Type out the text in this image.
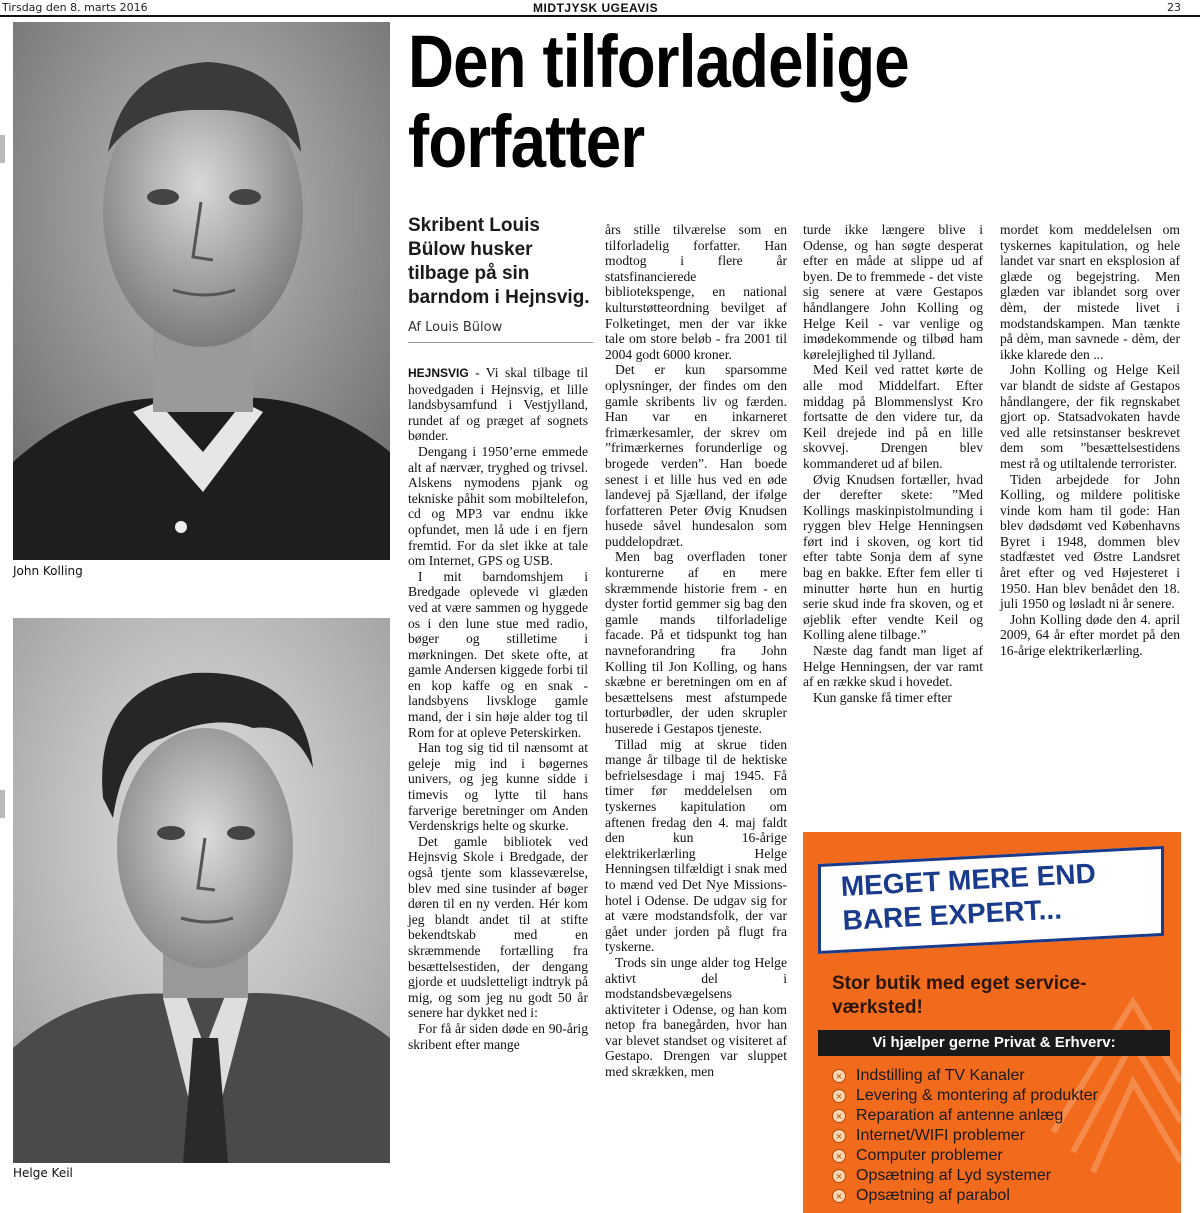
Tirsdag den 8. marts 2016	MIDTJYSK UGEAVIS	23
John Kolling
Helge Keil
Den tilforladelige forfatter
Skribent Louis Bülow husker tilbage på sin barndom i Hejnsvig.
Af Louis Bülow

HEJNSVIG - Vi skal tilbage til hovedgaden i Hejnsvig, et lille landsbysamfund i Vestjylland, rundet af og præget af sognets bønder.

Dengang i 1950’erne emmede alt af nærvær, tryghed og trivsel. Alskens nymodens pjank og tekniske påhit som mobiltelefon, cd og MP3 var endnu ikke opfundet, men lå ude i en fjern fremtid. For da slet ikke at tale om Internet, GPS og USB.

I mit barndomshjem i Bredgade oplevede vi glæden ved at være sammen og hyggede os i den lune stue med radio, bøger og stilletime i mørkningen. Det skete ofte, at gamle Andersen kiggede forbi til en kop kaffe og en snak - landsbyens livskloge gamle mand, der i sin høje alder tog til Rom for at opleve Peterskirken.

Han tog sig tid til nænsomt at geleje mig ind i bøgernes univers, og jeg kunne sidde i timevis og lytte til hans farverige beretninger om Anden Verdenskrigs helte og skurke.

Det gamle bibliotek ved Hejnsvig Skole i Bredgade, der også tjente som klasseværelse, blev med sine tusinder af bøger døren til en ny verden. Hér kom jeg blandt andet til at stifte bekendtskab med en skræmmende fortælling fra besættelsestiden, der dengang gjorde et uudsletteligt indtryk på mig, og som jeg nu godt 50 år senere har dykket ned i:

For få år siden døde en 90-årig skribent efter mange

års stille tilværelse som en tilforladelig forfatter. Han modtog i flere år statsfinancierede bibliotekspenge, en national kulturstøtteordning bevilget af Folketinget, men der var ikke tale om store beløb - fra 2001 til 2004 godt 6000 kroner.

Det er kun sparsomme oplysninger, der findes om den gamle skribents liv og færden. Han var en inkarneret frimærkesamler, der skrev om ”frimærkernes forunderlige og brogede verden”. Han boede senest i et lille hus ved en øde landevej på Sjælland, der ifølge forfatteren Peter Øvig Knudsen husede såvel hundesalon som puddelopdræt.

Men bag overfladen toner konturerne af en mere skræmmende historie frem - en dyster fortid gemmer sig bag den gamle mands tilforladelige facade. På et tidspunkt tog han navneforandring fra John Kolling til Jon Kolling, og hans skæbne er beretningen om en af besættelsens mest afstumpede torturbødler, der uden skrupler huserede i Gestapos tjeneste.

Tillad mig at skrue tiden mange år tilbage til de hektiske befrielsesdage i maj 1945. Få timer før meddelelsen om tyskernes kapitulation om aftenen fredag den 4. maj faldt den kun 16-årige elektrikerlærling Helge Henningsen tilfældigt i snak med to mænd ved Det Nye Missions-hotel i Odense. De udgav sig for at være modstandsfolk, der var gået under jorden på flugt fra tyskerne.

Trods sin unge alder tog Helge aktivt del i modstandsbevægelsens aktiviteter i Odense, og han kom netop fra banegården, hvor han var blevet standset og visiteret af Gestapo. Drengen var sluppet med skrækken, men

turde ikke længere blive i Odense, og han søgte desperat efter en måde at slippe ud af byen. De to fremmede - det viste sig senere at være Gestapos håndlangere John Kolling og Helge Keil - var venlige og imødekommende og tilbød ham kørelejlighed til Jylland.

Med Keil ved rattet kørte de alle mod Middelfart. Efter middag på Blommenslyst Kro fortsatte de den videre tur, da Keil drejede ind på en lille skovvej. Drengen blev kommanderet ud af bilen.

Øvig Knudsen fortæller, hvad der derefter skete: ”Med Kollings maskinpistolmunding i ryggen blev Helge Henningsen ført ind i skoven, og kort tid efter tabte Sonja dem af syne bag en bakke. Efter fem eller ti minutter hørte hun en hurtig serie skud inde fra skoven, og et øjeblik efter vendte Keil og Kolling alene tilbage.”

Næste dag fandt man liget af Helge Henningsen, der var ramt af en række skud i hovedet.

Kun ganske få timer efter

mordet kom meddelelsen om tyskernes kapitulation, og hele landet var snart en eksplosion af glæde og begejstring. Men glæden var iblandet sorg over dèm, der mistede livet i modstandskampen. Man tænkte på dèm, man savnede - dèm, der ikke klarede den ...

John Kolling og Helge Keil var blandt de sidste af Gestapos håndlangere, der fik regnskabet gjort op. Statsadvokaten havde ved alle retsinstanser beskrevet dem som ”besættelsestidens mest rå og utiltalende terrorister.

Tiden arbejdede for John Kolling, og mildere politiske vinde kom ham til gode: Han blev dødsdømt ved Københavns Byret i 1948, dommen blev stadfæstet ved Østre Landsret året efter og ved Højesteret i 1950. Han blev benådet den 18. juli 1950 og løsladt ni år senere.

John Kolling døde den 4. april 2009, 64 år efter mordet på den 16-årige elektrikerlærling.

MEGET MERE END BARE EXPERT...
Stor butik med eget service-værksted!
Vi hjælper gerne Privat & Erhverv:
×
Indstilling af TV Kanaler
×
Levering & montering af produkter
×
Reparation af antenne anlæg
×
Internet/WIFI problemer
×
Computer problemer
×
Opsætning af Lyd systemer
×
Opsætning af parabol
